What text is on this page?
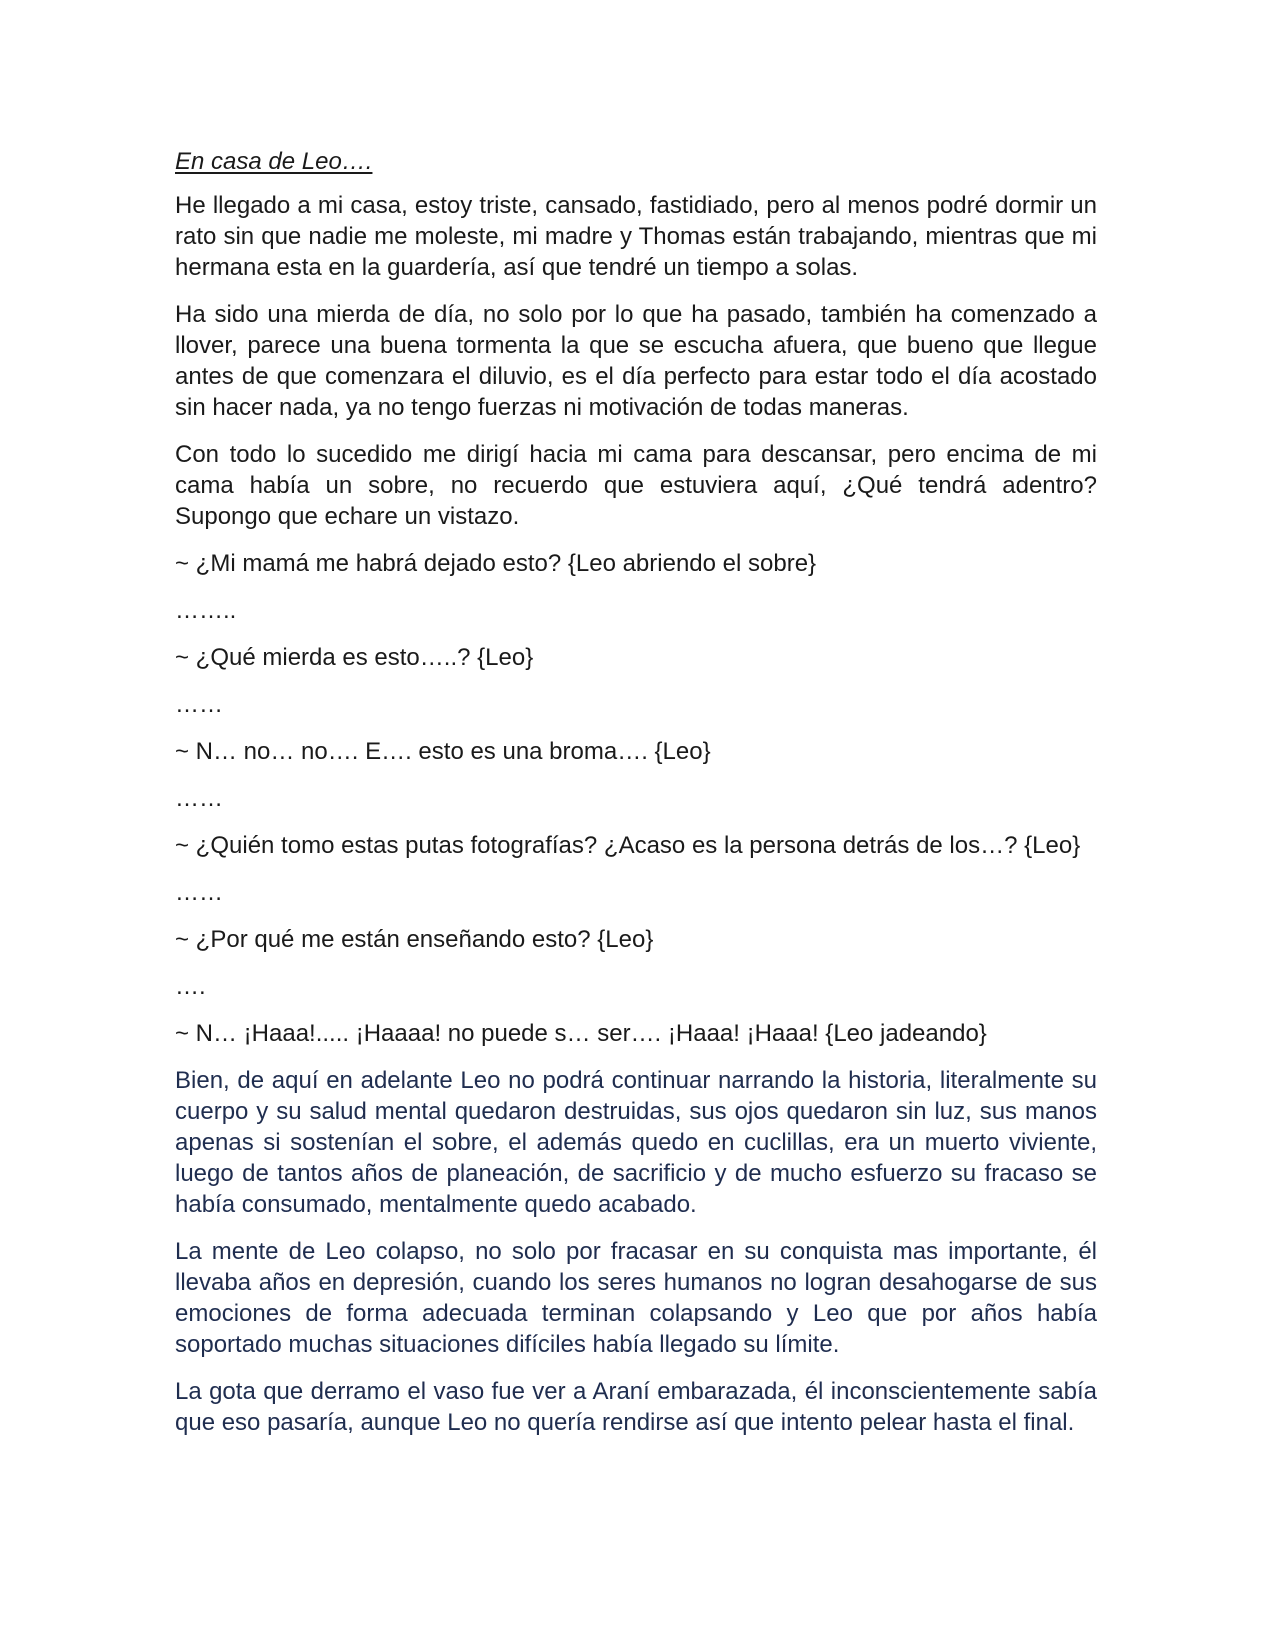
En casa de Leo….

He llegado a mi casa, estoy triste, cansado, fastidiado, pero al menos podré dormir un rato sin que nadie me moleste, mi madre y Thomas están trabajando, mientras que mi hermana esta en la guardería, así que tendré un tiempo a solas.

Ha sido una mierda de día, no solo por lo que ha pasado, también ha comenzado a llover, parece una buena tormenta la que se escucha afuera, que bueno que llegue antes de que comenzara el diluvio, es el día perfecto para estar todo el día acostado sin hacer nada, ya no tengo fuerzas ni motivación de todas maneras.

Con todo lo sucedido me dirigí hacia mi cama para descansar, pero encima de mi cama había un sobre, no recuerdo que estuviera aquí, ¿Qué tendrá adentro? Supongo que echare un vistazo.

~ ¿Mi mamá me habrá dejado esto? {Leo abriendo el sobre}

……..

~ ¿Qué mierda es esto…..? {Leo}

……

~ N… no… no…. E…. esto es una broma…. {Leo}

……

~ ¿Quién tomo estas putas fotografías? ¿Acaso es la persona detrás de los…? {Leo}

……

~ ¿Por qué me están enseñando esto? {Leo}

….

~ N… ¡Haaa!..... ¡Haaaa! no puede s… ser…. ¡Haaa! ¡Haaa! {Leo jadeando}

Bien, de aquí en adelante Leo no podrá continuar narrando la historia, literalmente su cuerpo y su salud mental quedaron destruidas, sus ojos quedaron sin luz, sus manos apenas si sostenían el sobre, el además quedo en cuclillas, era un muerto viviente, luego de tantos años de planeación, de sacrificio y de mucho esfuerzo su fracaso se había consumado, mentalmente quedo acabado.

La mente de Leo colapso, no solo por fracasar en su conquista mas importante, él llevaba años en depresión, cuando los seres humanos no logran desahogarse de sus emociones de forma adecuada terminan colapsando y Leo que por años había soportado muchas situaciones difíciles había llegado su límite.

La gota que derramo el vaso fue ver a Araní embarazada, él inconscientemente sabía que eso pasaría, aunque Leo no quería rendirse así que intento pelear hasta el final.
